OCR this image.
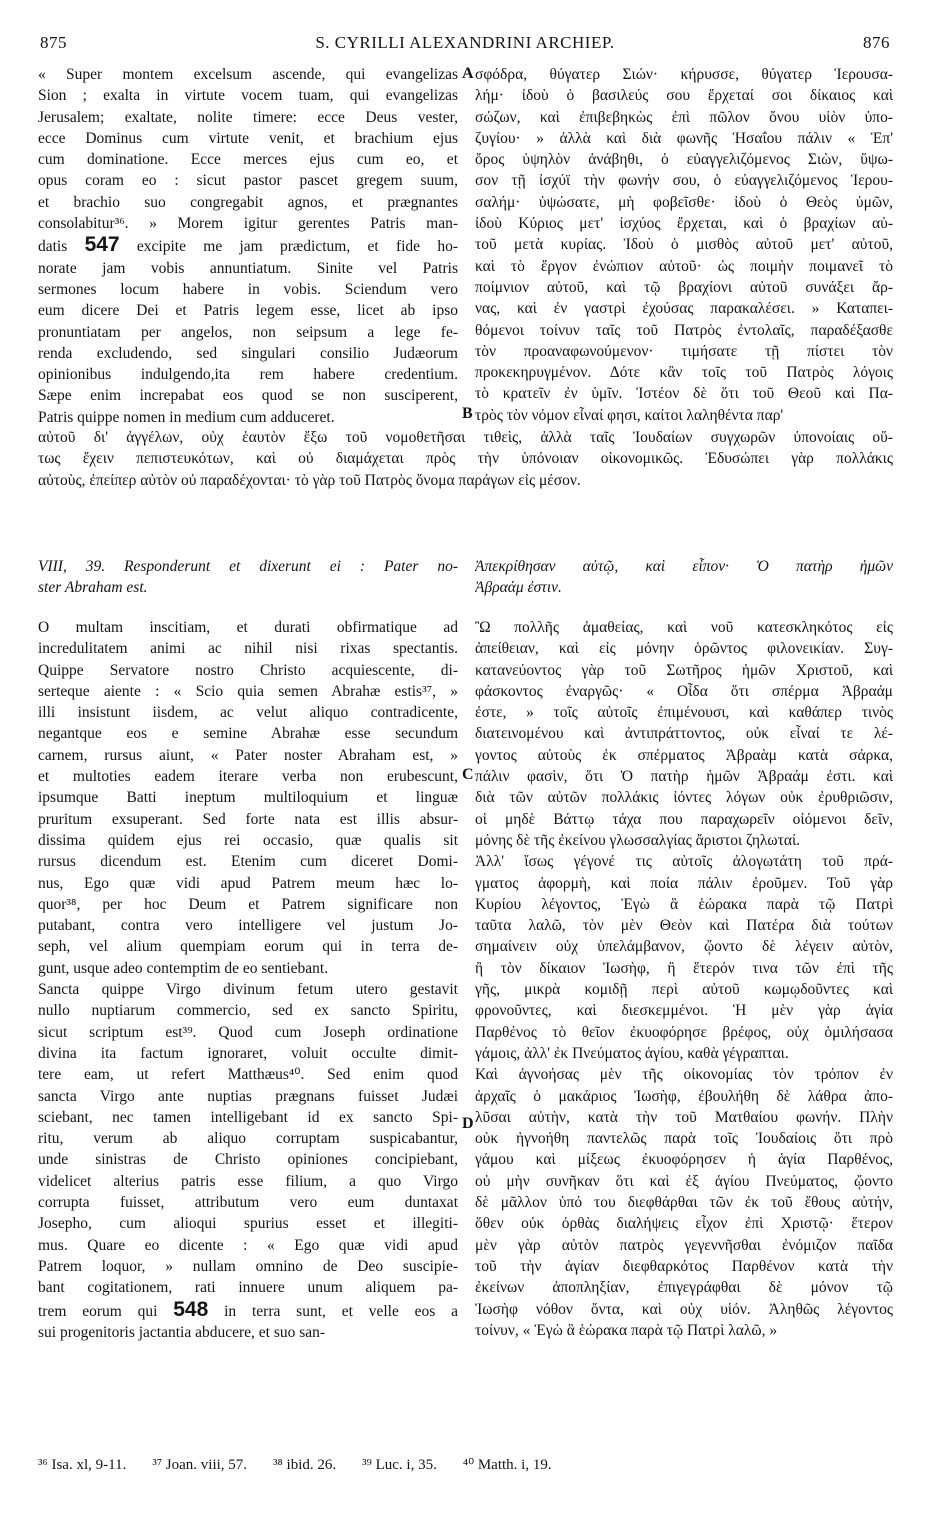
875	S. CYRILLI ALEXANDRINI ARCHIEP.	876
« Super montem excelsum ascende, qui evangelizas
Sion ; exalta in virtute vocem tuam, qui evangelizas
Jerusalem; exaltate, nolite timere: ecce Deus vester,
ecce Dominus cum virtute venit, et brachium ejus
cum dominatione. Ecce merces ejus cum eo, et
opus coram eo : sicut pastor pascet gregem suum,
et brachio suo congregabit agnos, et prægnantes
consolabitur³⁶. » Morem igitur gerentes Patris man-
datis 547 excipite me jam prædictum, et fide ho-
norate jam vobis annuntiatum. Sinite vel Patris
sermones locum habere in vobis. Sciendum vero
eum dicere Dei et Patris legem esse, licet ab ipso
pronuntiatam per angelos, non seipsum a lege fe-
renda excludendo, sed singulari consilio Judæorum
opinionibus indulgendo,ita rem habere credentium.
Sæpe enim increpabat eos quod se non susciperent,
Patris quippe nomen in medium cum adduceret.
σφόδρα, θύγατερ Σιών· κήρυσσε, θύγατερ Ἱερουσα-
λήμ· ἰδοὺ ὁ βασιλεύς σου ἔρχεταί σοι δίκαιος καὶ
σώζων, καὶ ἐπιβεβηκὼς ἐπὶ πῶλον ὄνου υἱὸν ὑπο-
ζυγίου· » ἀλλὰ καὶ διὰ φωνῆς Ἡσαΐου πάλιν « Ἐπ'
ὄρος ὑψηλὸν ἀνάβηθι, ὁ εὐαγγελιζόμενος Σιὼν, ὕψω-
σον τῇ ἰσχύϊ τὴν φωνήν σου, ὁ εὐαγγελιζόμενος Ἱερου-
σαλήμ· ὑψώσατε, μὴ φοβεῖσθε· ἰδοὺ ὁ Θεὸς ὑμῶν,
ἰδοὺ Κύριος μετ' ἰσχύος ἔρχεται, καὶ ὁ βραχίων αὐ-
τοῦ μετὰ κυρίας. Ἰδοὺ ὁ μισθὸς αὐτοῦ μετ' αὐτοῦ,
καὶ τὸ ἔργον ἐνώπιον αὐτοῦ· ὡς ποιμὴν ποιμανεῖ τὸ
ποίμνιον αὐτοῦ, καὶ τῷ βραχίονι αὐτοῦ συνάξει ἄρ-
νας, καὶ ἐν γαστρὶ ἐχούσας παρακαλέσει. » Καταπει-
θόμενοι τοίνυν ταῖς τοῦ Πατρὸς ἐντολαῖς, παραδέξασθε
τὸν προαναφωνούμενον· τιμήσατε τῇ πίστει τὸν
προκεκηρυγμένον. Δότε κἂν τοῖς τοῦ Πατρὸς λόγοις
τὸ κρατεῖν ἐν ὑμῖν. Ἰστέον δὲ ὅτι τοῦ Θεοῦ καὶ Πα-
τρὸς τὸν νόμον εἶναί φησι, καίτοι λαληθέντα παρ'
A
B
αὐτοῦ δι' ἀγγέλων, οὐχ ἑαυτὸν ἔξω τοῦ νομοθετῆσαι τιθεὶς, ἀλλὰ ταῖς Ἰουδαίων συγχωρῶν ὑπονοίαις οὕ-
τως ἔχειν πεπιστευκότων, καὶ οὐ διαμάχεται πρὸς τὴν ὑπόνοιαν οἰκονομικῶς. Ἐδυσώπει γὰρ πολλάκις
αὐτοὺς, ἐπείπερ αὐτὸν οὐ παραδέχονται· τὸ γὰρ τοῦ Πατρὸς ὄνομα παράγων εἰς μέσον.
VIII, 39. Responderunt et dixerunt ei : Pater no-
ster Abraham est.
Ἀπεκρίθησαν αὐτῷ, καὶ εἶπον· Ὁ πατὴρ ἡμῶν
Ἀβραάμ ἐστιν.
O multam inscitiam, et durati obfirmatique ad
incredulitatem animi ac nihil nisi rixas spectantis.
Quippe Servatore nostro Christo acquiescente, di-
serteque aiente : « Scio quia semen Abrahæ estis³⁷, »
illi insistunt iisdem, ac velut aliquo contradicente,
negantque eos e semine Abrahæ esse secundum
carnem, rursus aiunt, « Pater noster Abraham est, »
et multoties eadem iterare verba non erubescunt,
ipsumque Batti ineptum multiloquium et linguæ
pruritum exsuperant. Sed forte nata est illis absur-
dissima quidem ejus rei occasio, quæ qualis sit
rursus dicendum est. Etenim cum diceret Domi-
nus, Ego quæ vidi apud Patrem meum hæc lo-
quor³⁸, per hoc Deum et Patrem significare non
putabant, contra vero intelligere vel justum Jo-
seph, vel alium quempiam eorum qui in terra de-
gunt, usque adeo contemptim de eo sentiebant.
Sancta quippe Virgo divinum fetum utero gestavit
nullo nuptiarum commercio, sed ex sancto Spiritu,
sicut scriptum est³⁹. Quod cum Joseph ordinatione
divina ita factum ignoraret, voluit occulte dimit-
tere eam, ut refert Matthæus⁴⁰. Sed enim quod
sancta Virgo ante nuptias prægnans fuisset Judæi
sciebant, nec tamen intelligebant id ex sancto Spi-
ritu, verum ab aliquo corruptam suspicabantur,
unde sinistras de Christo opiniones concipiebant,
videlicet alterius patris esse filium, a quo Virgo
corrupta fuisset, attributum vero eum duntaxat
Josepho, cum alioqui spurius esset et illegiti-
mus. Quare eo dicente : « Ego quæ vidi apud
Patrem loquor, » nullam omnino de Deo suscipie-
bant cogitationem, rati innuere unum aliquem pa-
trem eorum qui 548 in terra sunt, et velle eos a
sui progenitoris jactantia abducere, et suo san-
Ὢ πολλῆς ἀμαθείας, καὶ νοῦ κατεσκληκότος εἰς
ἀπείθειαν, καὶ εἰς μόνην ὁρῶντος φιλονεικίαν. Συγ-
κατανεύοντος γὰρ τοῦ Σωτῆρος ἡμῶν Χριστοῦ, καὶ
φάσκοντος ἐναργῶς· « Οἶδα ὅτι σπέρμα Ἀβραάμ
ἐστε, » τοῖς αὐτοῖς ἐπιμένουσι, καὶ καθάπερ τινὸς
διατεινομένου καὶ ἀντιπράττοντος, οὐκ εἶναί τε λέ-
γοντος αὐτοὺς ἐκ σπέρματος Ἀβραὰμ κατὰ σάρκα,
πάλιν φασὶν, ὅτι Ὁ πατὴρ ἡμῶν Ἀβραάμ ἐστι. καὶ
διὰ τῶν αὐτῶν πολλάκις ἰόντες λόγων οὐκ ἐρυθριῶσιν,
οἱ μηδὲ Βάττῳ τάχα που παραχωρεῖν οἰόμενοι δεῖν,
μόνης δὲ τῆς ἐκείνου γλωσσαλγίας ἄριστοι ζηλωταί.
Ἀλλ' ἴσως γέγονέ τις αὐτοῖς ἀλογωτάτη τοῦ πρά-
γματος ἀφορμὴ, καὶ ποία πάλιν ἐροῦμεν. Τοῦ γὰρ
Κυρίου λέγοντος, Ἐγὼ ἃ ἑώρακα παρὰ τῷ Πατρὶ
ταῦτα λαλῶ, τὸν μὲν Θεὸν καὶ Πατέρα διὰ τούτων
σημαίνειν οὐχ ὑπελάμβανον, ᾤοντο δὲ λέγειν αὐτὸν,
ἢ τὸν δίκαιον Ἰωσὴφ, ἢ ἕτερόν τινα τῶν ἐπὶ τῆς
γῆς, μικρὰ κομιδῇ περὶ αὐτοῦ κωμῳδοῦντες καὶ
φρονοῦντες, καὶ διεσκεμμένοι. Ἡ μὲν γὰρ ἁγία
Παρθένος τὸ θεῖον ἐκυοφόρησε βρέφος, οὐχ ὁμιλήσασα
γάμοις, ἀλλ' ἐκ Πνεύματος ἁγίου, καθὰ γέγραπται.
Καὶ ἀγνοήσας μὲν τῆς οἰκονομίας τὸν τρόπον ἐν
ἀρχαῖς ὁ μακάριος Ἰωσὴφ, ἐβουλήθη δὲ λάθρα ἀπο-
λῦσαι αὐτὴν, κατὰ τὴν τοῦ Ματθαίου φωνήν. Πλὴν
οὐκ ἠγνοήθη παντελῶς παρὰ τοῖς Ἰουδαίοις ὅτι πρὸ
γάμου καὶ μίξεως ἐκυοφόρησεν ἡ ἁγία Παρθένος,
οὐ μὴν συνῆκαν ὅτι καὶ ἐξ ἁγίου Πνεύματος, ᾤοντο
δὲ μᾶλλον ὑπό του διεφθάρθαι τῶν ἐκ τοῦ ἔθους αὐτήν,
ὅθεν οὐκ ὀρθὰς διαλήψεις εἶχον ἐπὶ Χριστῷ· ἕτερον
μὲν γὰρ αὐτὸν πατρὸς γεγεννῆσθαι ἐνόμιζον παῖδα
τοῦ τὴν ἁγίαν διεφθαρκότος Παρθένον κατὰ τὴν
ἐκείνων ἀποπληξίαν, ἐπιγεγράφθαι δὲ μόνον τῷ
Ἰωσὴφ νόθον ὄντα, καὶ οὐχ υἱόν. Ἀληθῶς λέγοντος
τοίνυν, « Ἐγὼ ἃ ἑώρακα παρὰ τῷ Πατρὶ λαλῶ, »
C
D
³⁶ Isa. xl, 9-11. ³⁷ Joan. viii, 57. ³⁸ ibid. 26. ³⁹ Luc. i, 35. ⁴⁰ Matth. i, 19.
